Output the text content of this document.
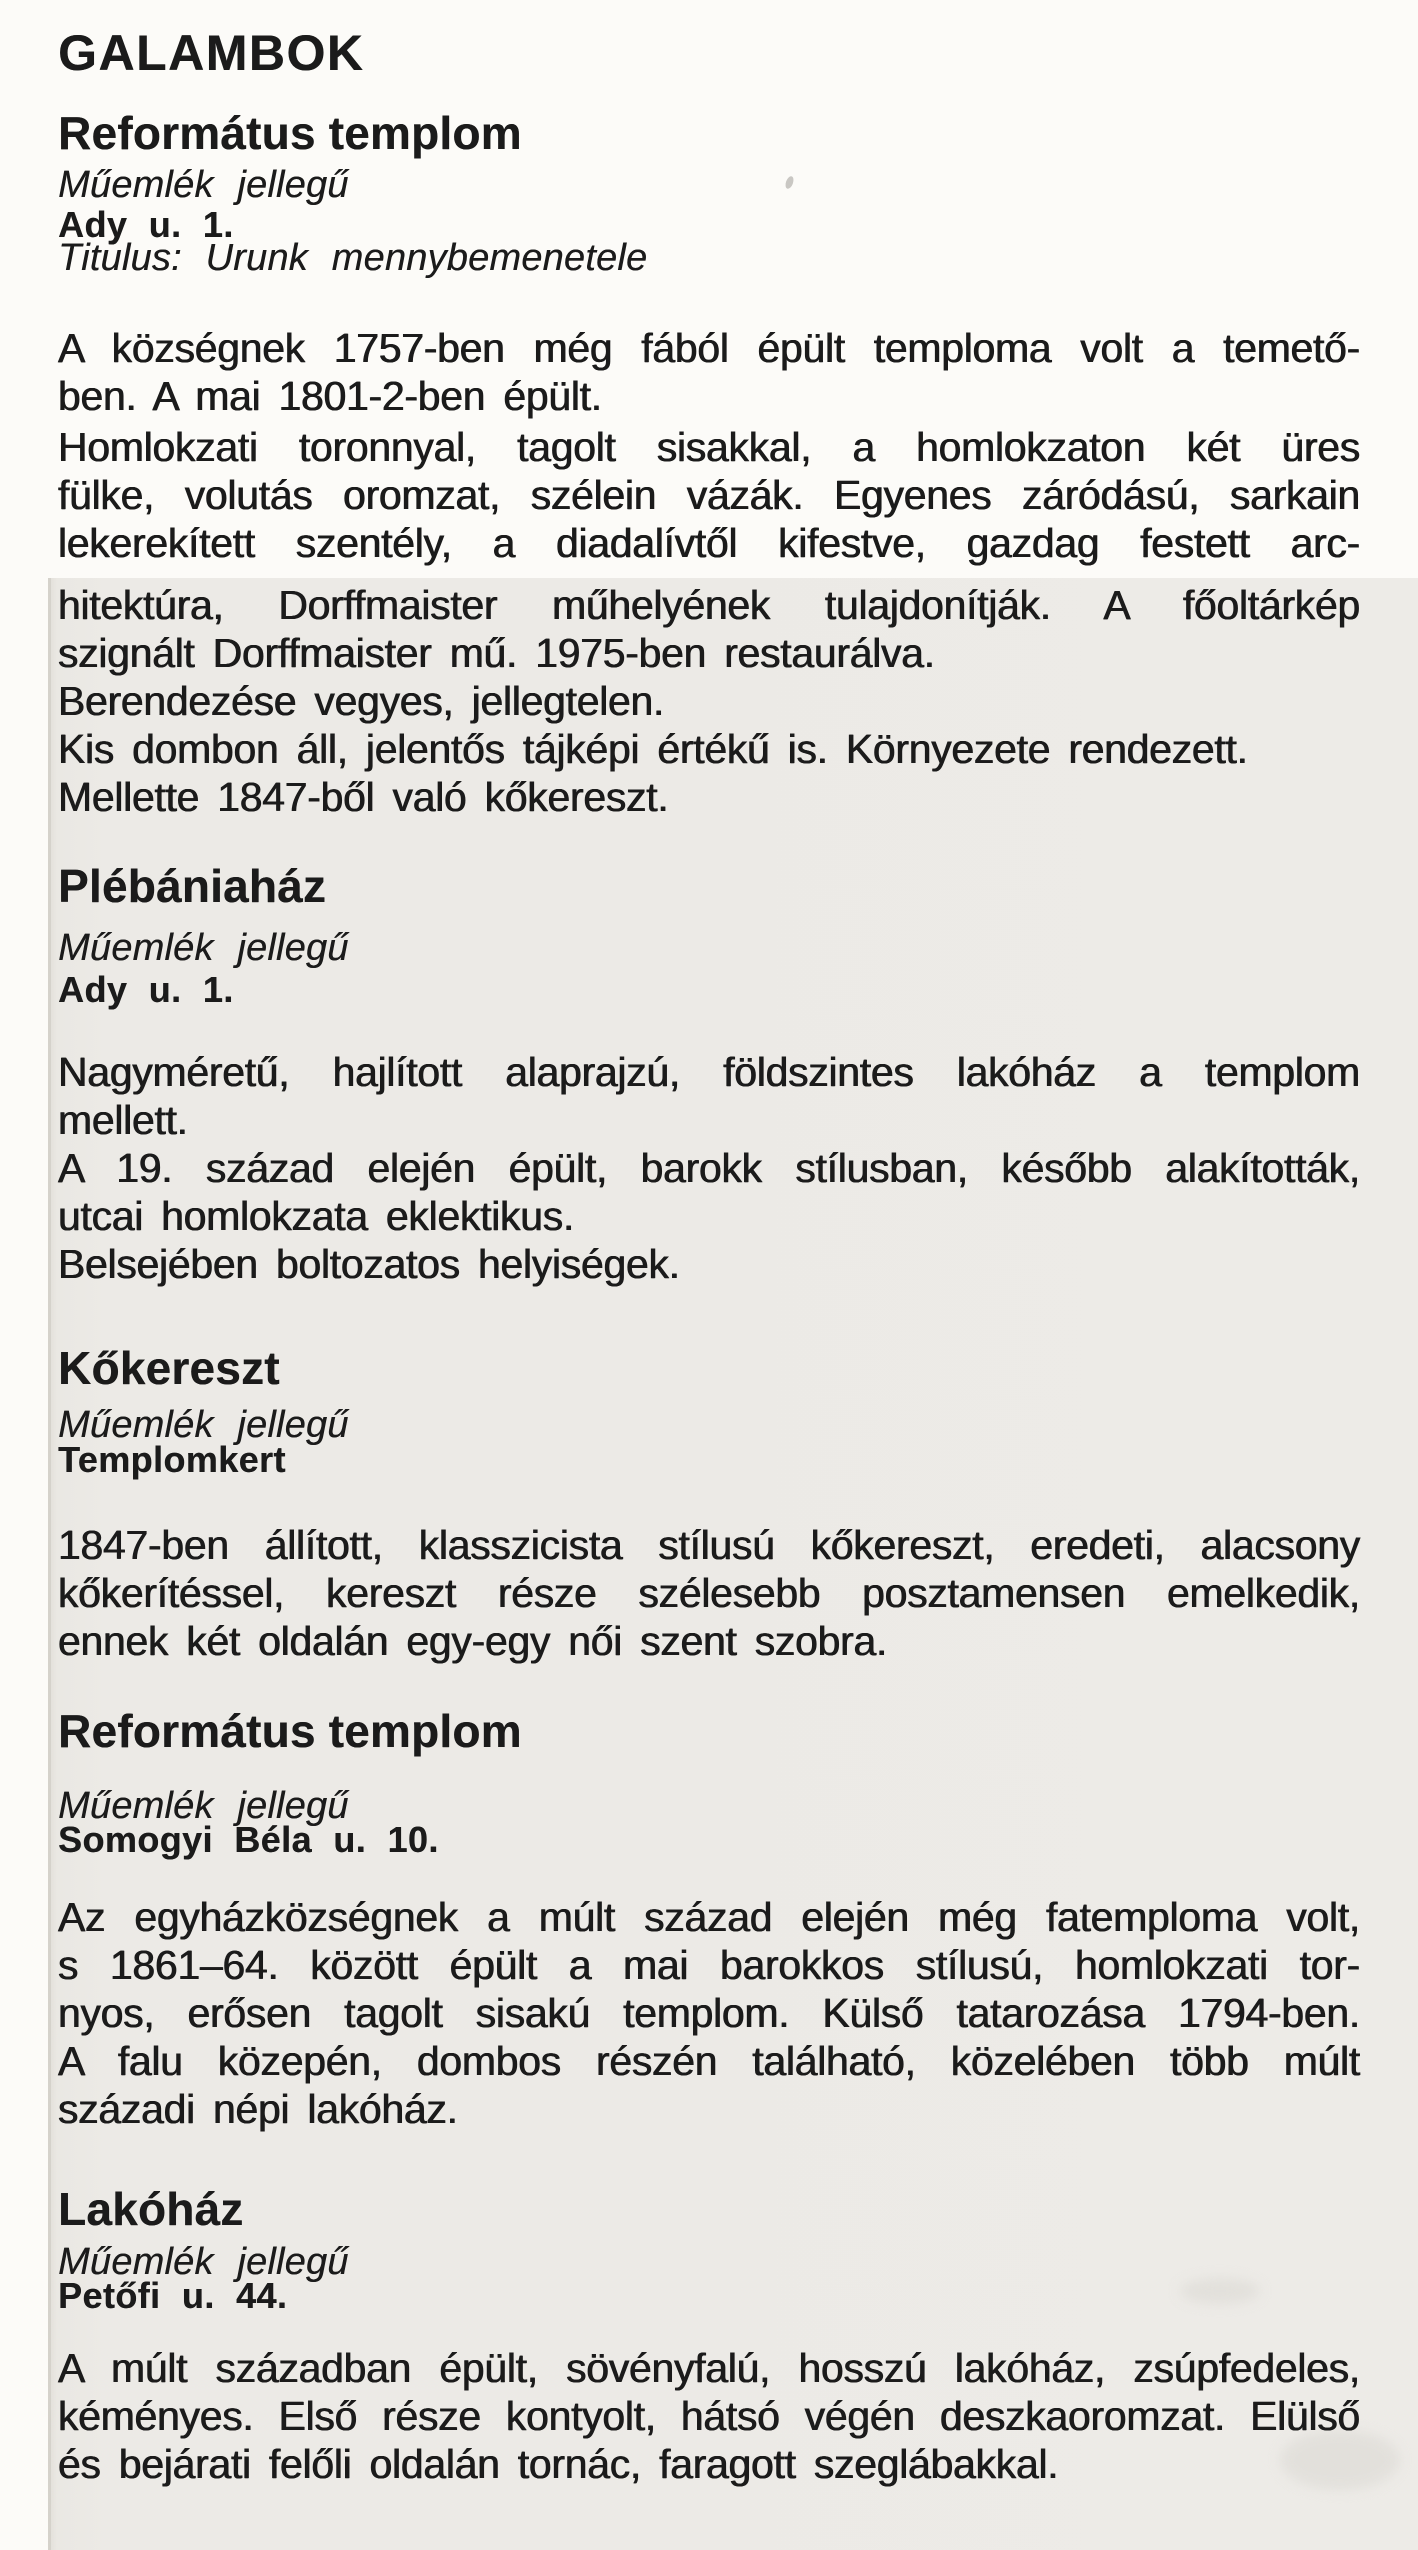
GALAMBOK
Református templom
Műemlék jellegű
Ady u. 1.
Titulus: Urunk mennybemenetele
A községnek 1757-ben még fából épült temploma volt a temető-
ben. A mai 1801-2-ben épült.
Homlokzati toronnyal, tagolt sisakkal, a homlokzaton két üres
fülke, volutás oromzat, szélein vázák. Egyenes záródású, sarkain
lekerekített szentély, a diadalívtől kifestve, gazdag festett arc-
hitektúra, Dorffmaister műhelyének tulajdonítják. A főoltárkép
szignált Dorffmaister mű. 1975-ben restaurálva.
Berendezése vegyes, jellegtelen.
Kis dombon áll, jelentős tájképi értékű is. Környezete rendezett.
Mellette 1847-ből való kőkereszt.
Plébániaház
Műemlék jellegű
Ady u. 1.
Nagyméretű, hajlított alaprajzú, földszintes lakóház a templom
mellett.
A 19. század elején épült, barokk stílusban, később alakították,
utcai homlokzata eklektikus.
Belsejében boltozatos helyiségek.
Kőkereszt
Műemlék jellegű
Templomkert
1847-ben állított, klasszicista stílusú kőkereszt, eredeti, alacsony
kőkerítéssel, kereszt része szélesebb posztamensen emelkedik,
ennek két oldalán egy-egy női szent szobra.
Református templom
Műemlék jellegű
Somogyi Béla u. 10.
Az egyházközségnek a múlt század elején még fatemploma volt,
s 1861–64. között épült a mai barokkos stílusú, homlokzati tor-
nyos, erősen tagolt sisakú templom. Külső tatarozása 1794-ben.
A falu közepén, dombos részén található, közelében több múlt
századi népi lakóház.
Lakóház
Műemlék jellegű
Petőfi u. 44.
A múlt században épült, sövényfalú, hosszú lakóház, zsúpfedeles,
kéményes. Első része kontyolt, hátsó végén deszkaoromzat. Elülső
és bejárati felőli oldalán tornác, faragott szeglábakkal.
